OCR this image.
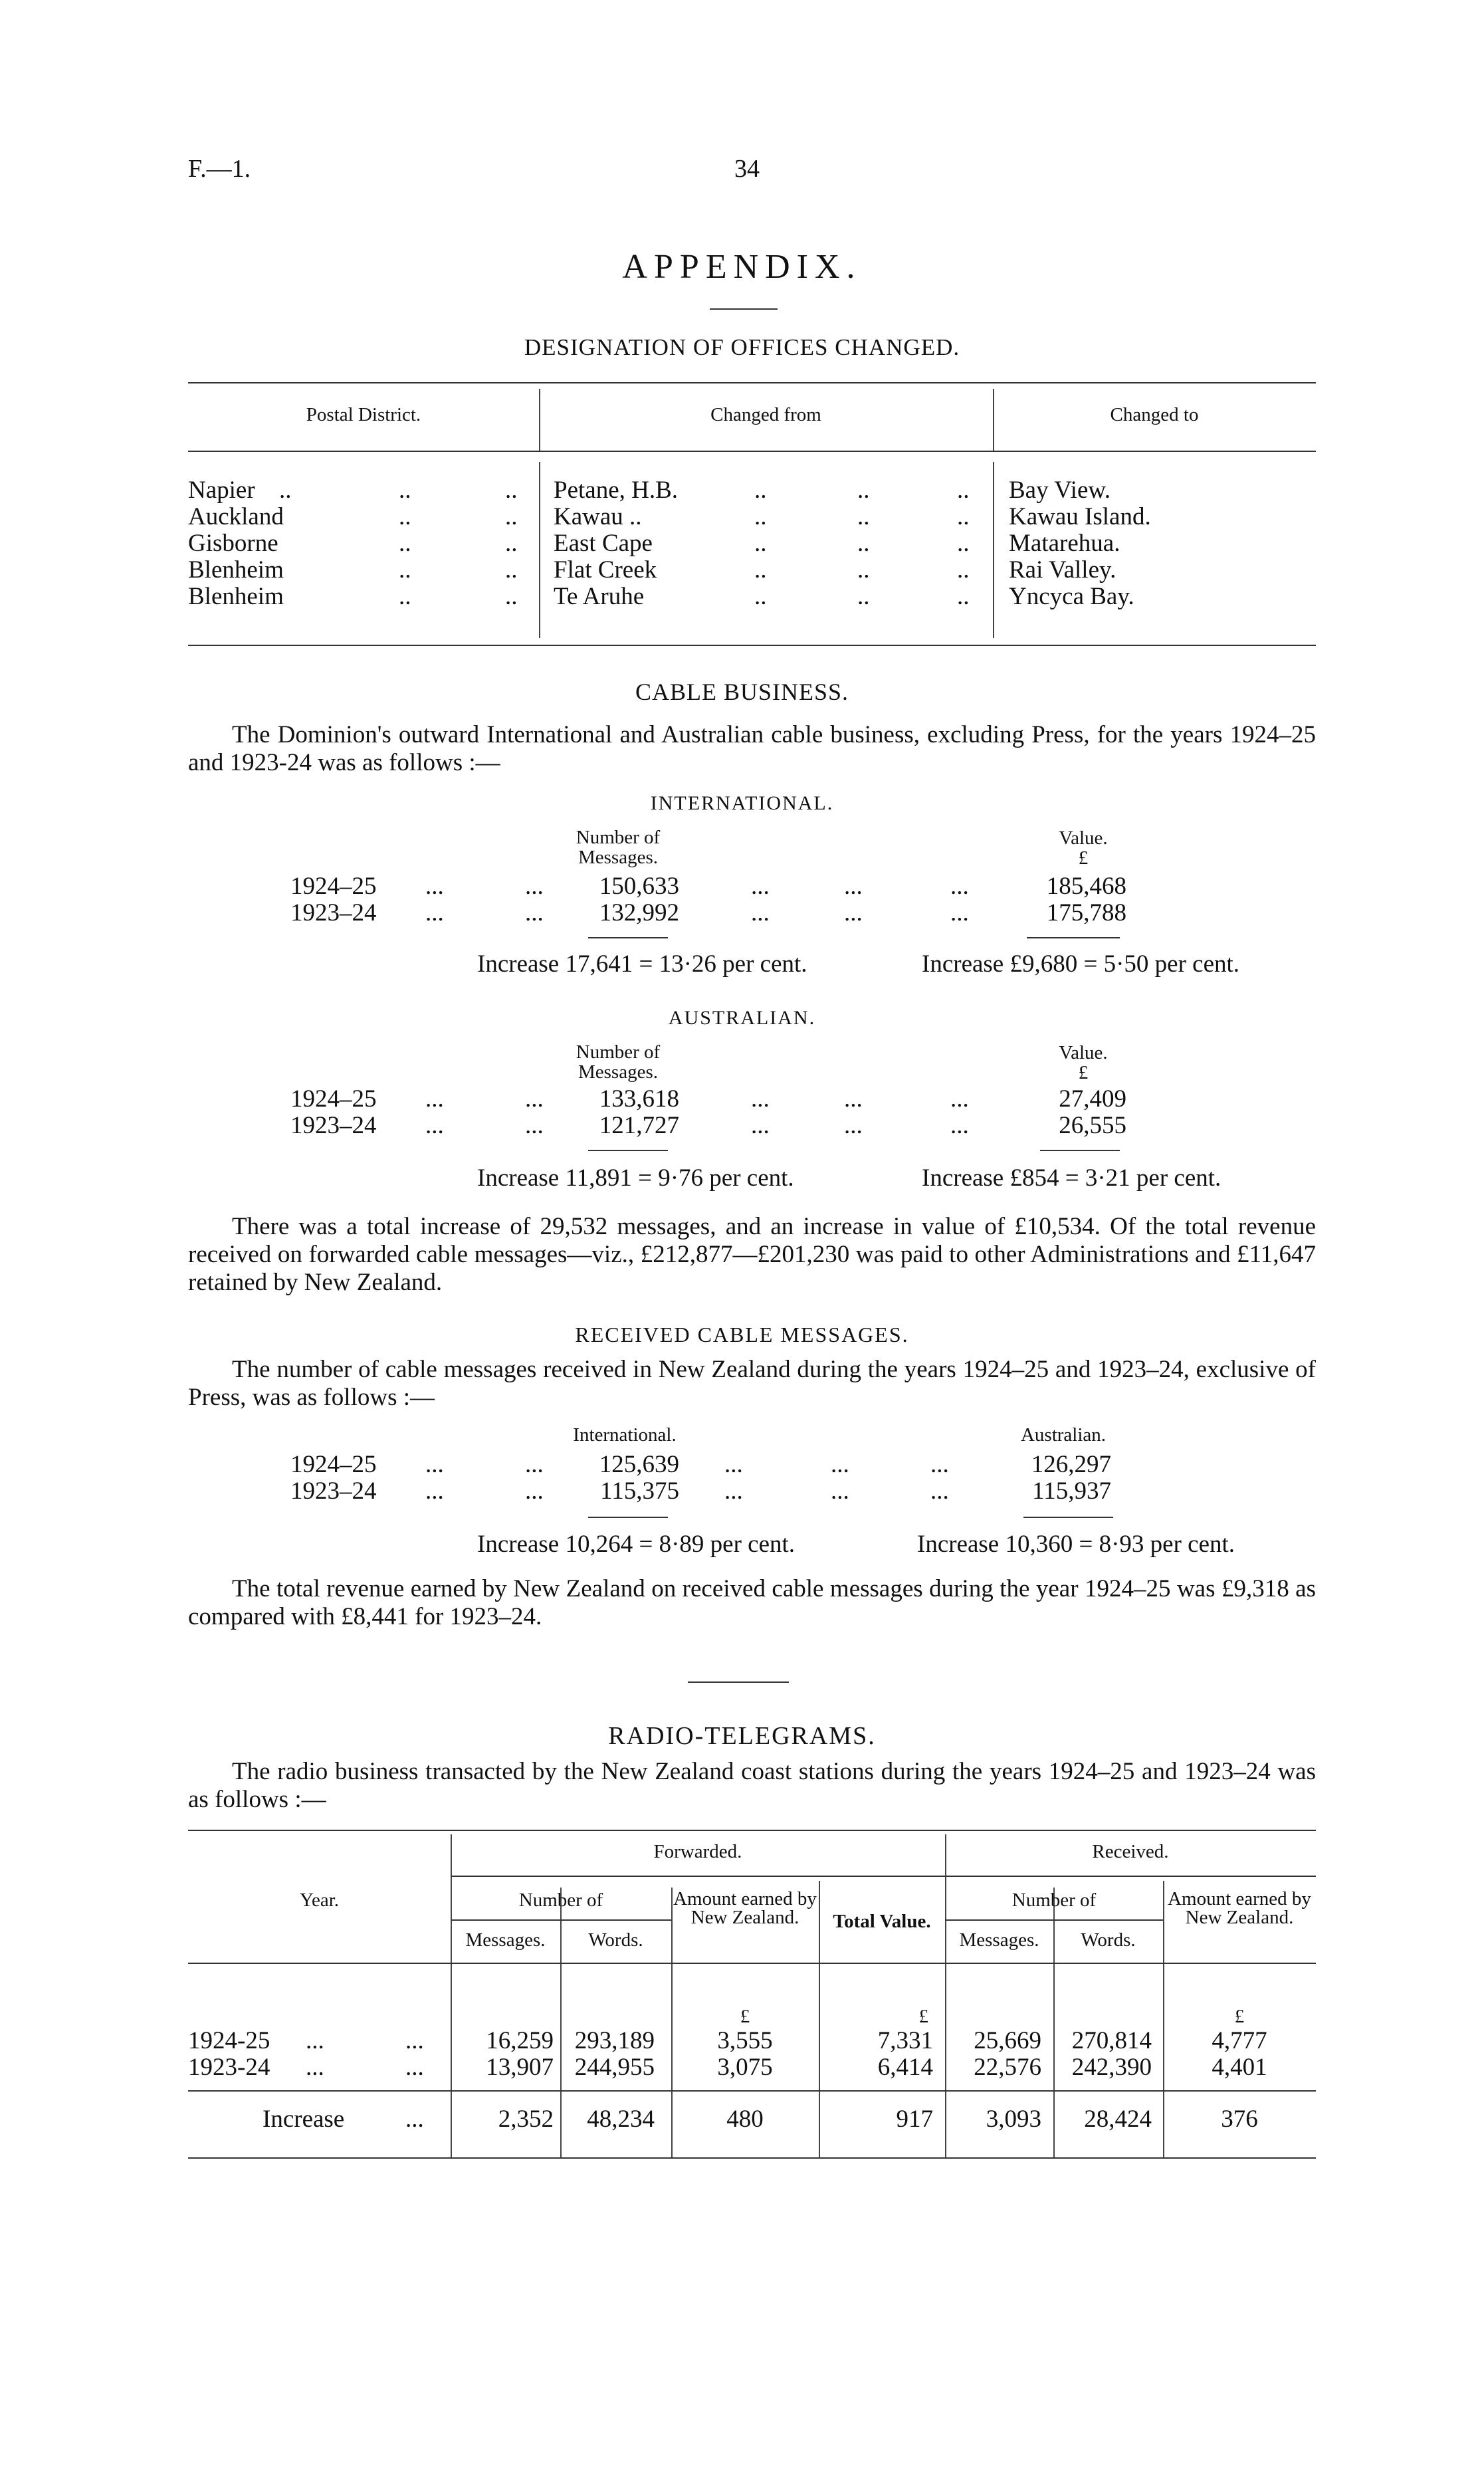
F.—1.	34
APPENDIX.
DESIGNATION OF OFFICES CHANGED.
Postal District.	Changed from	Changed to
Napier ..	..	.. Petane, H.B.	..	..	.. Bay View.
Auckland	..	.. Kawau ..	..	..	.. Kawau Island.
Gisborne	..	.. East Cape	..	..	.. Matarehua.
Blenheim	..	.. Flat Creek	..	..	.. Rai Valley.
Blenheim	..	.. Te Aruhe	..	..	.. Yncyca Bay.
CABLE BUSINESS.
The Dominion's outward International and Australian cable business, excluding Press, for the years 1924–25 and 1923-24 was as follows :—
INTERNATIONAL.
Number of Messages.
Value.
£
1924–25 ...	...	150,633	...	...	...	185,468
1923–24 ...	...	132,992	...	...	...	175,788
Increase 17,641 = 13·26 per cent.	Increase £9,680 = 5·50 per cent.
AUSTRALIAN.
Number of Messages.
Value.
£
1924–25 ...	...	133,618	...	...	...	27,409
1923–24 ...	...	121,727	...	...	...	26,555
Increase 11,891 = 9·76 per cent.	Increase £854 = 3·21 per cent.
There was a total increase of 29,532 messages, and an increase in value of £10,534. Of the total revenue received on forwarded cable messages—viz., £212,877—£201,230 was paid to other Administrations and £11,647 retained by New Zealand.
RECEIVED CABLE MESSAGES.
The number of cable messages received in New Zealand during the years 1924–25 and 1923–24, exclusive of Press, was as follows :—
International.	Australian.
1924–25 ...	...	125,639 ...	...	...	126,297
1923–24 ...	...	115,375 ...	...	...	115,937
Increase 10,264 = 8·89 per cent.	Increase 10,360 = 8·93 per cent.
The total revenue earned by New Zealand on received cable messages during the year 1924–25 was £9,318 as compared with £8,441 for 1923–24.
RADIO-TELEGRAMS.
The radio business transacted by the New Zealand coast stations during the years 1924–25 and 1923–24 was as follows :—
Forwarded.	Received.
Year.	Number of	Amount earned by New Zealand.	Total Value.
Number of	Amount earned by New Zealand.
Messages.	Words.	Messages.	Words.
£	£	£
1924-25 ...	...	16,259 293,189	3,555	7,331	25,669	270,814	4,777
1923-24 ...	...	13,907 244,955	3,075	6,414	22,576	242,390	4,401
Increase ...	2,352	48,234	480	917	3,093	28,424	376
